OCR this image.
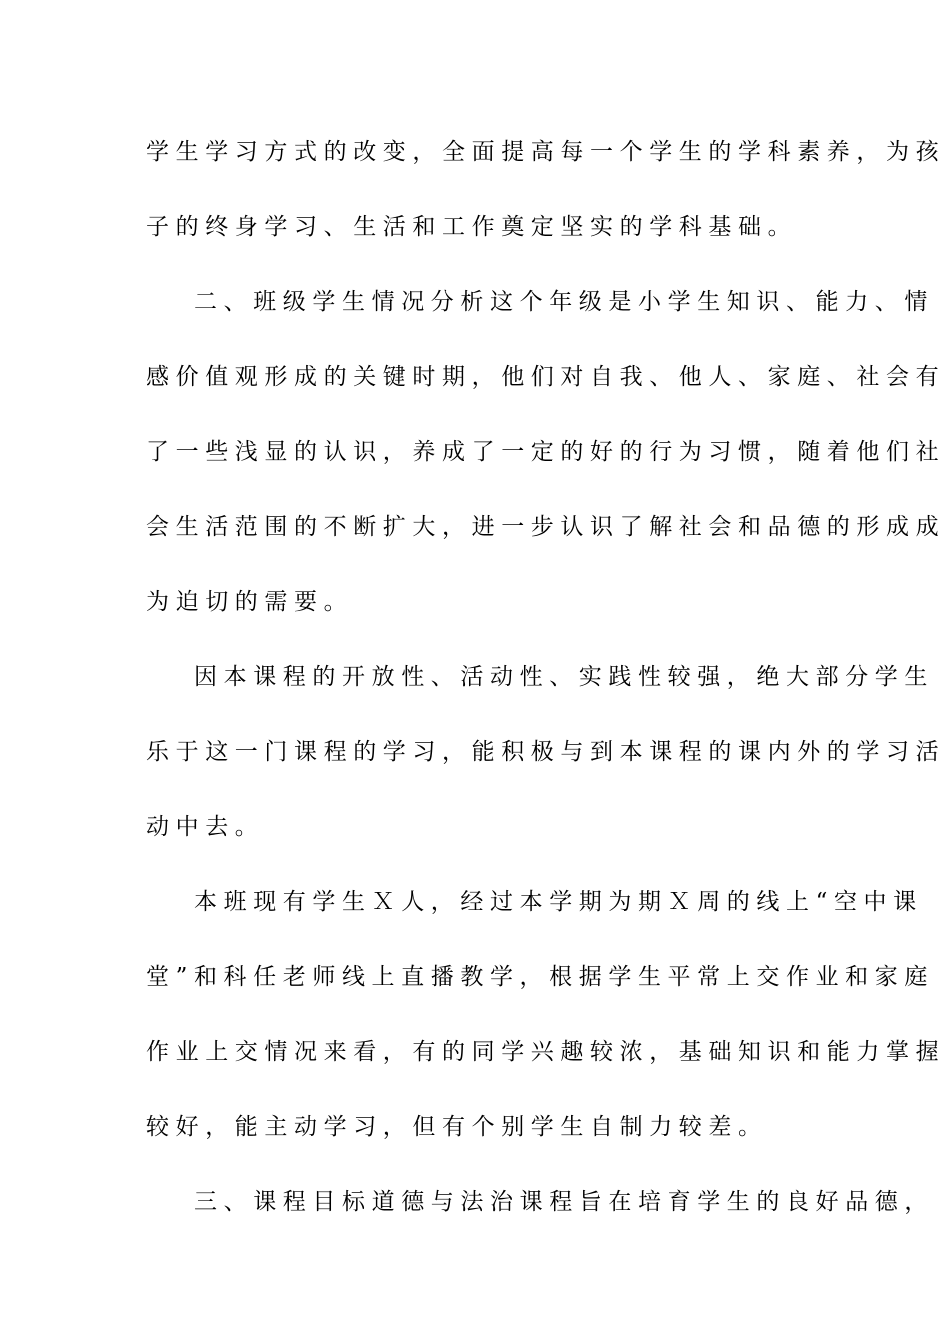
学生学习方式的改变，全面提高每一个学生的学科素养，为孩
子的终身学习、生活和工作奠定坚实的学科基础。
二、班级学生情况分析这个年级是小学生知识、能力、情
感价值观形成的关键时期，他们对自我、他人、家庭、社会有
了一些浅显的认识，养成了一定的好的行为习惯，随着他们社
会生活范围的不断扩大，进一步认识了解社会和品德的形成成
为迫切的需要。
因本课程的开放性、活动性、实践性较强，绝大部分学生
乐于这一门课程的学习，能积极与到本课程的课内外的学习活
动中去。
本班现有学生Ｘ人，经过本学期为期Ｘ周的线上“空中课
堂”和科任老师线上直播教学，根据学生平常上交作业和家庭
作业上交情况来看，有的同学兴趣较浓，基础知识和能力掌握
较好，能主动学习，但有个别学生自制力较差。
三、课程目标道德与法治课程旨在培育学生的良好品德，
